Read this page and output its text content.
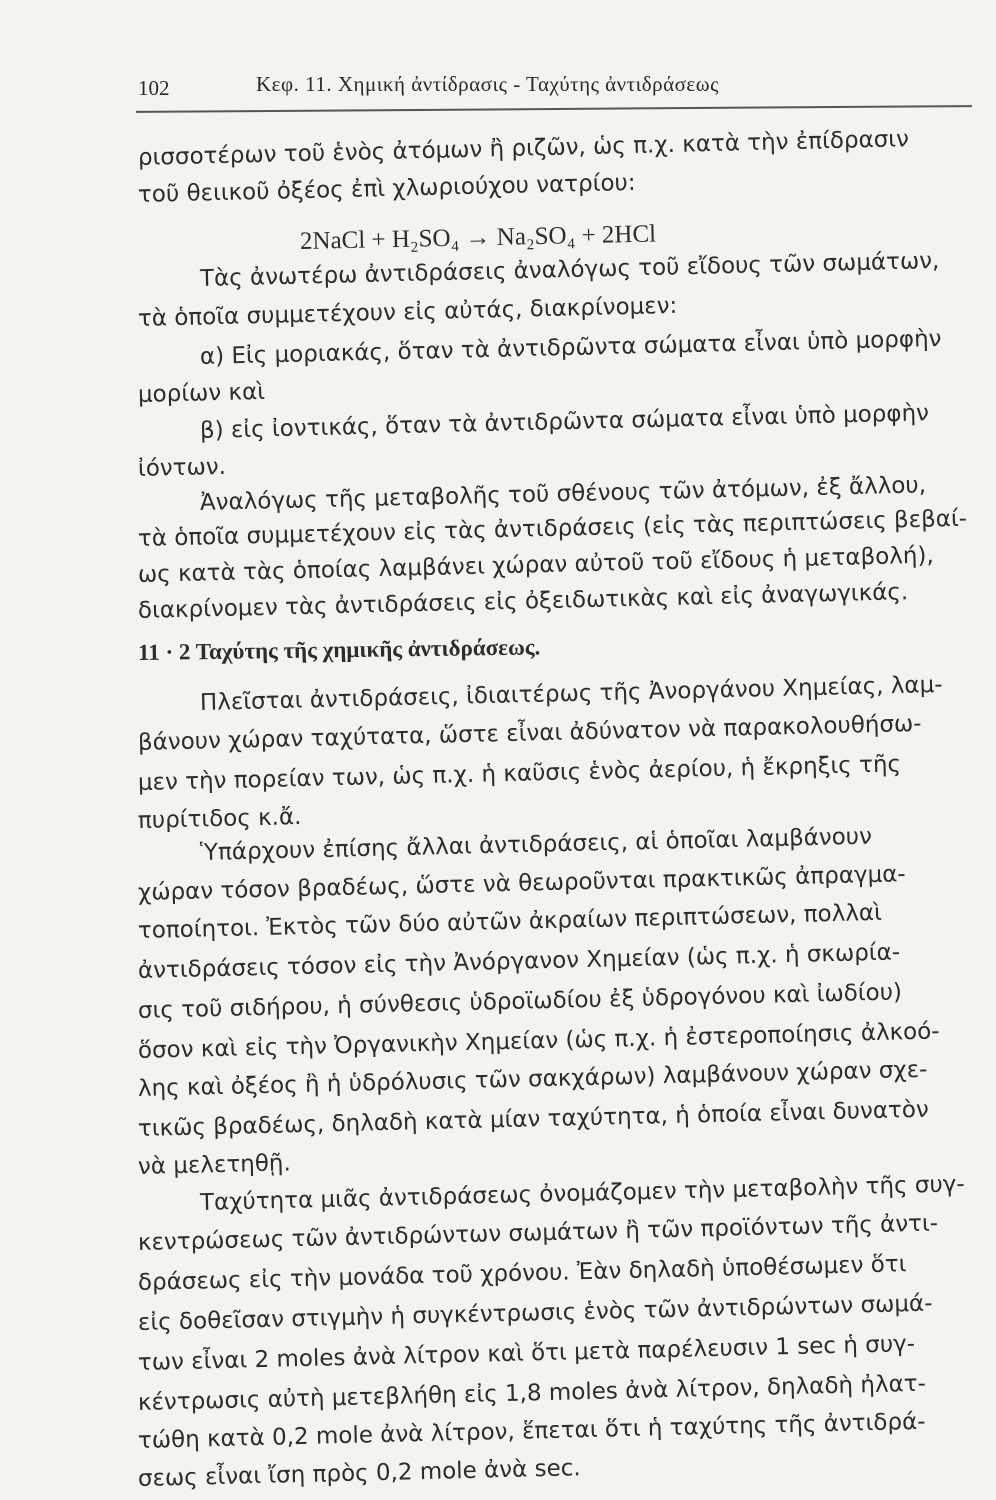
102	Κεφ. 11. Χημική ἀντίδρασις - Ταχύτης ἀντιδράσεως
ρισσοτέρων τοῦ ἑνὸς ἀτόμων ἢ ριζῶν, ὡς π.χ. κατὰ τὴν ἐπίδρασιν
τοῦ θειικοῦ ὀξέος ἐπὶ χλωριούχου νατρίου:
2NaCl + H₂SO₄ → Na₂SO₄ + 2HCl
Τὰς ἀνωτέρω ἀντιδράσεις ἀναλόγως τοῦ εἴδους τῶν σωμάτων,
τὰ ὁποῖα συμμετέχουν εἰς αὐτάς, διακρίνομεν:
α) Εἰς μοριακάς, ὅταν τὰ ἀντιδρῶντα σώματα εἶναι ὑπὸ μορφὴν
μορίων καὶ
β) εἰς ἰοντικάς, ὅταν τὰ ἀντιδρῶντα σώματα εἶναι ὑπὸ μορφὴν
ἰόντων.
Ἀναλόγως τῆς μεταβολῆς τοῦ σθένους τῶν ἀτόμων, ἐξ ἄλλου,
τὰ ὁποῖα συμμετέχουν εἰς τὰς ἀντιδράσεις (εἰς τὰς περιπτώσεις βεβαί-
ως κατὰ τὰς ὁποίας λαμβάνει χώραν αὐτοῦ τοῦ εἴδους ἡ μεταβολή),
διακρίνομεν τὰς ἀντιδράσεις εἰς ὀξειδωτικὰς καὶ εἰς ἀναγωγικάς.
11 · 2 Ταχύτης τῆς χημικῆς ἀντιδράσεως.
Πλεῖσται ἀντιδράσεις, ἰδιαιτέρως τῆς Ἀνοργάνου Χημείας, λαμ-
βάνουν χώραν ταχύτατα, ὥστε εἶναι ἀδύνατον νὰ παρακολουθήσω-
μεν τὴν πορείαν των, ὡς π.χ. ἡ καῦσις ἑνὸς ἀερίου, ἡ ἔκρηξις τῆς
πυρίτιδος κ.ἄ.
Ὑπάρχουν ἐπίσης ἄλλαι ἀντιδράσεις, αἱ ὁποῖαι λαμβάνουν
χώραν τόσον βραδέως, ὥστε νὰ θεωροῦνται πρακτικῶς ἀπραγμα-
τοποίητοι. Ἐκτὸς τῶν δύο αὐτῶν ἀκραίων περιπτώσεων, πολλαὶ
ἀντιδράσεις τόσον εἰς τὴν Ἀνόργανον Χημείαν (ὡς π.χ. ἡ σκωρία-
σις τοῦ σιδήρου, ἡ σύνθεσις ὑδροϊωδίου ἐξ ὑδρογόνου καὶ ἰωδίου)
ὅσον καὶ εἰς τὴν Ὀργανικὴν Χημείαν (ὡς π.χ. ἡ ἐστεροποίησις ἀλκοό-
λης καὶ ὀξέος ἢ ἡ ὑδρόλυσις τῶν σακχάρων) λαμβάνουν χώραν σχε-
τικῶς βραδέως, δηλαδὴ κατὰ μίαν ταχύτητα, ἡ ὁποία εἶναι δυνατὸν
νὰ μελετηθῇ.
Ταχύτητα μιᾶς ἀντιδράσεως ὀνομάζομεν τὴν μεταβολὴν τῆς συγ-
κεντρώσεως τῶν ἀντιδρώντων σωμάτων ἢ τῶν προϊόντων τῆς ἀντι-
δράσεως εἰς τὴν μονάδα τοῦ χρόνου. Ἐὰν δηλαδὴ ὑποθέσωμεν ὅτι
εἰς δοθεῖσαν στιγμὴν ἡ συγκέντρωσις ἑνὸς τῶν ἀντιδρώντων σωμά-
των εἶναι 2 moles ἀνὰ λίτρον καὶ ὅτι μετὰ παρέλευσιν 1 sec ἡ συγ-
κέντρωσις αὐτὴ μετεβλήθη εἰς 1,8 moles ἀνὰ λίτρον, δηλαδὴ ἠλατ-
τώθη κατὰ 0,2 mole ἀνὰ λίτρον, ἕπεται ὅτι ἡ ταχύτης τῆς ἀντιδρά-
σεως εἶναι ἴση πρὸς 0,2 mole ἀνὰ sec.
